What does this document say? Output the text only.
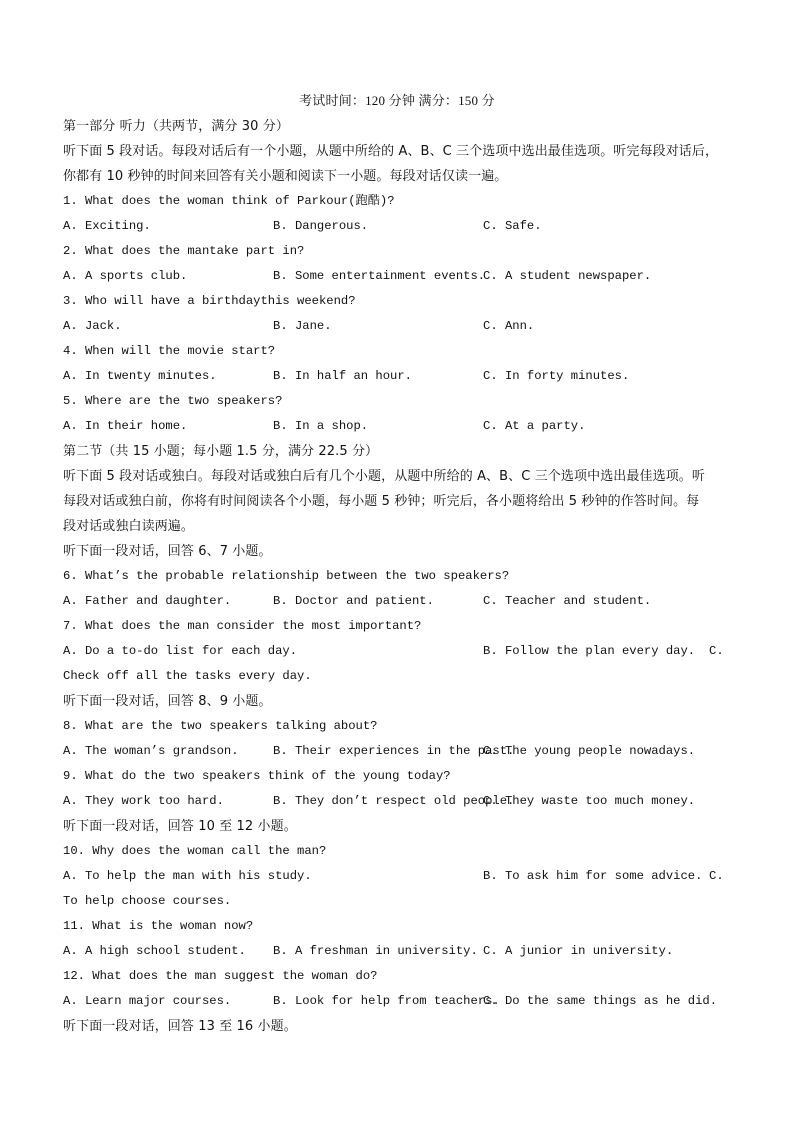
考试时间：120 分钟 满分：150 分
第一部分 听力（共两节，满分 30 分）
听下面 5 段对话。每段对话后有一个小题，从题中所给的 A、B、C 三个选项中选出最佳选项。听完每段对话后，
你都有 10 秒钟的时间来回答有关小题和阅读下一小题。每段对话仅读一遍。
1. What does the woman think of Parkour(跑酷)?
A. Exciting.	B. Dangerous.	C. Safe.
2. What does the mantake part in?
A. A sports club.	B. Some entertainment events.
C. A student newspaper.
3. Who will have a birthdaythis weekend?
A. Jack.	B. Jane.	C. Ann.
4. When will the movie start?
A. In twenty minutes.	B. In half an hour.	C. In forty minutes.
5. Where are the two speakers?
A. In their home.	B. In a shop.	C. At a party.
第二节（共 15 小题；每小题 1.5 分，满分 22.5 分）
听下面 5 段对话或独白。每段对话或独白后有几个小题，从题中所给的 A、B、C 三个选项中选出最佳选项。听
每段对话或独白前，你将有时间阅读各个小题，每小题 5 秒钟；听完后，各小题将给出 5 秒钟的作答时间。每
段对话或独白读两遍。
听下面一段对话，回答 6、7 小题。
6. What’s the probable relationship between the two speakers?
A. Father and daughter.	B. Doctor and patient.	C. Teacher and student.
7. What does the man consider the most important?
A. Do a to-do list for each day.	B. Follow the plan every day. C.
Check off all the tasks every day.
听下面一段对话，回答 8、9 小题。
8. What are the two speakers talking about?
A. The woman’s grandson.	B. Their experiences in the past.
C. The young people nowadays.
9. What do the two speakers think of the young today?
A. They work too hard.	B. They don’t respect old people.
C. They waste too much money.
听下面一段对话，回答 10 至 12 小题。
10. Why does the woman call the man?
A. To help the man with his study.	B. To ask him for some advice. C.
To help choose courses.
11. What is the woman now?
A. A high school student. B. A freshman in university. C. A junior in university.
12. What does the man suggest the woman do?
A. Learn major courses.	B. Look for help from teachers.
C. Do the same things as he did.
听下面一段对话，回答 13 至 16 小题。
